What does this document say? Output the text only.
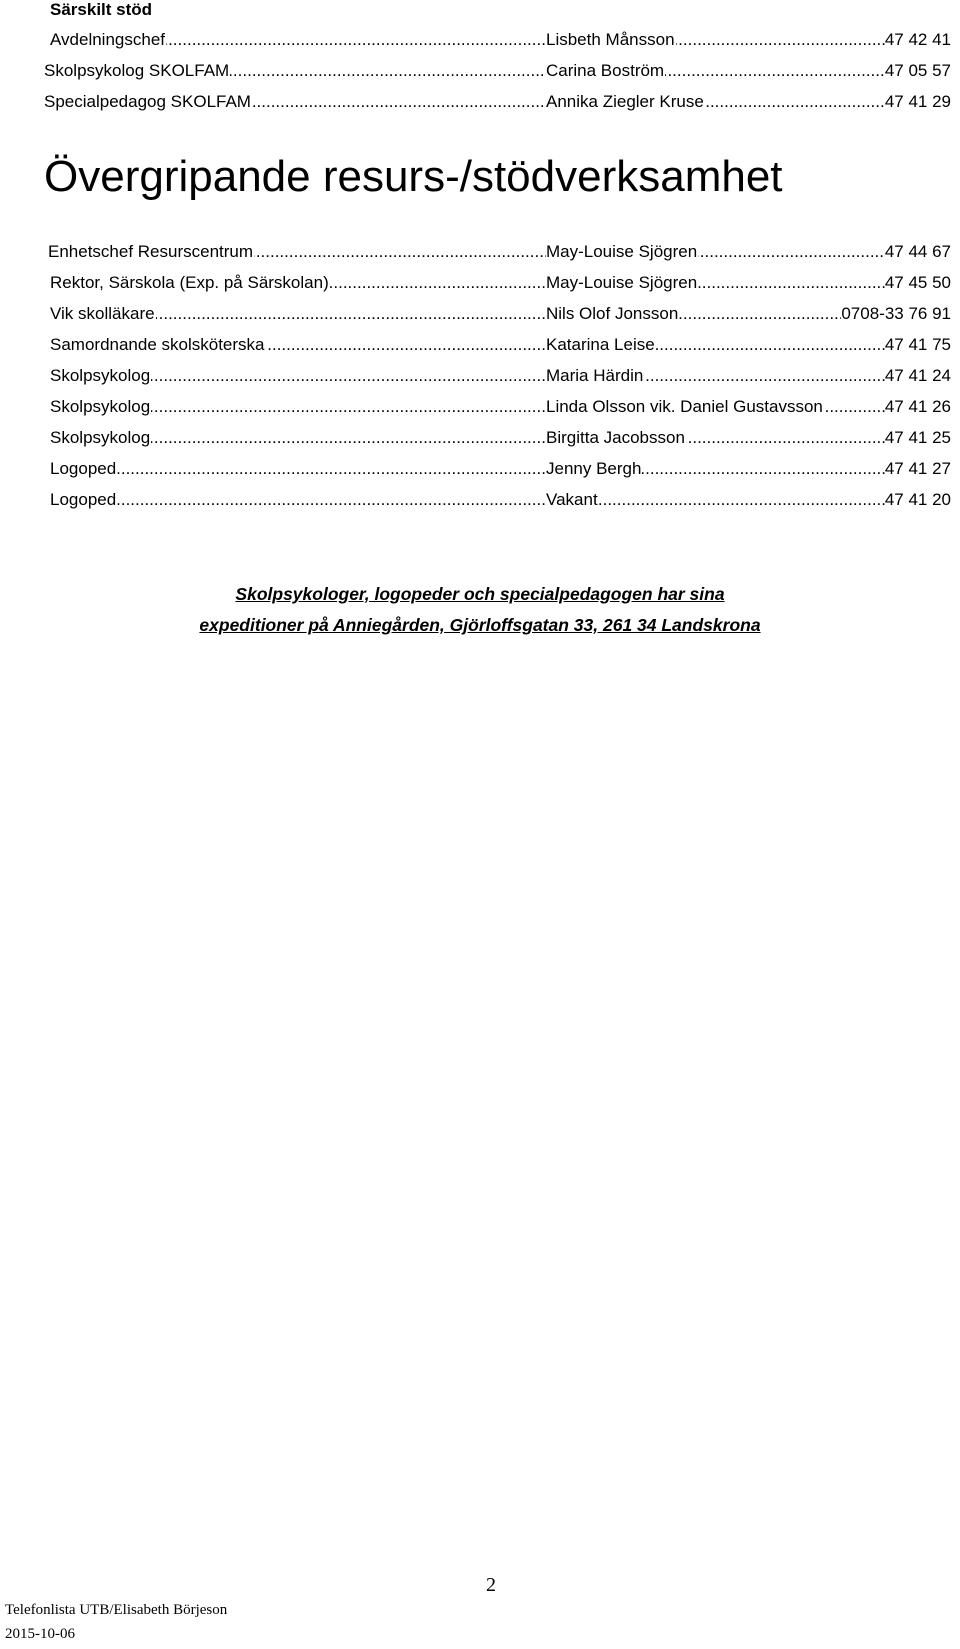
Särskilt stöd
.....
Avdelningschef	Lisbeth Månsson	47 42 41
.....
Skolpsykolog SKOLFAM	Carina Boström	47 05 57
.....
Specialpedagog SKOLFAM	Annika Ziegler Kruse	47 41 29
Övergripande resurs-/stödverksamhet
.....
Enhetschef Resurscentrum	May-Louise Sjögren	47 44 67
.....
Rektor, Särskola (Exp. på Särskolan)	May-Louise Sjögren	47 45 50
.....
Vik skolläkare	Nils Olof Jonsson	0708-33 76 91
.....
Samordnande skolsköterska	Katarina Leise	47 41 75
.....
Skolpsykolog	Maria Härdin	47 41 24
.....
Skolpsykolog	Linda Olsson vik. Daniel Gustavsson	47 41 26
.....
Skolpsykolog	Birgitta Jacobsson	47 41 25
.....
Logoped	Jenny Bergh	47 41 27
.....
Logoped	Vakant	47 41 20
Skolpsykologer, logopeder och specialpedagogen har sina
expeditioner på Anniegården, Gjörloffsgatan 33, 261 34 Landskrona
2
Telefonlista UTB/Elisabeth Börjeson
2015-10-06
